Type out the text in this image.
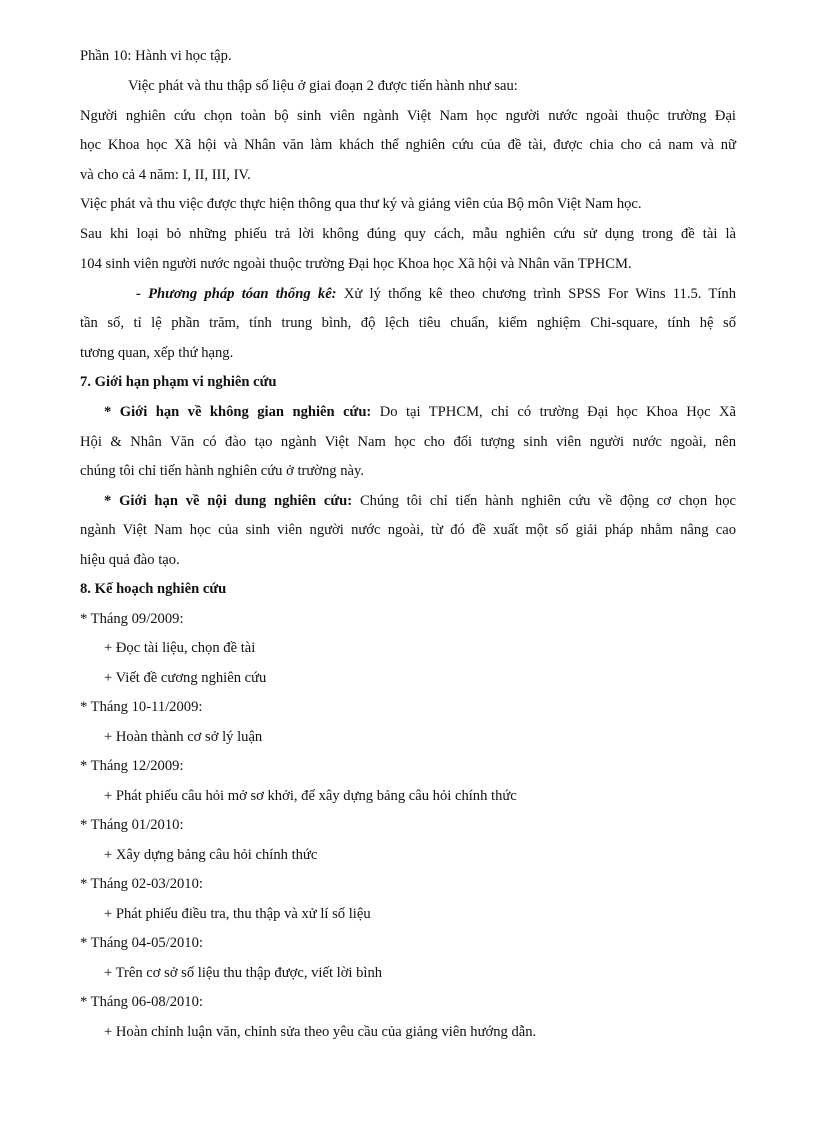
Phần 10: Hành vi học tập.
Việc phát và thu thập số liệu ở giai đoạn 2 được tiến hành như sau:
Người nghiên cứu chọn toàn bộ sinh viên ngành Việt Nam học người nước ngoài thuộc trường Đại
học Khoa học Xã hội và Nhân văn làm khách thể nghiên cứu của đề tài, được chia cho cả nam và nữ
và cho cả 4 năm: I, II, III, IV.
Việc phát và thu việc được thực hiện thông qua thư ký và giảng viên của Bộ môn Việt Nam học.
Sau khi loại bỏ những phiếu trả lời không đúng quy cách, mẫu nghiên cứu sử dụng trong đề tài là
104 sinh viên người nước ngoài thuộc trường Đại học Khoa học Xã hội và Nhân văn TPHCM.
- Phương pháp tóan thống kê: Xử lý thống kê theo chương trình SPSS For Wins 11.5. Tính
tần số, tỉ lệ phần trăm, tính trung bình, độ lệch tiêu chuẩn, kiểm nghiệm Chi-square, tính hệ số
tương quan, xếp thứ hạng.
7. Giới hạn phạm vi nghiên cứu
* Giới hạn về không gian nghiên cứu: Do tại TPHCM, chỉ có trường Đại học Khoa Học Xã
Hội & Nhân Văn có đào tạo ngành Việt Nam học cho đối tượng sinh viên người nước ngoài, nên
chúng tôi chỉ tiến hành nghiên cứu ở trường này.
* Giới hạn về nội dung nghiên cứu: Chúng tôi chỉ tiến hành nghiên cứu về động cơ chọn học
ngành Việt Nam học của sinh viên người nước ngoài, từ đó đề xuất một số giải pháp nhằm nâng cao
hiệu quả đào tạo.
8. Kế hoạch nghiên cứu
* Tháng 09/2009:
+ Đọc tài liệu, chọn đề tài
+ Viết đề cương nghiên cứu
* Tháng 10-11/2009:
+ Hoàn thành cơ sở lý luận
* Tháng 12/2009:
+ Phát phiếu câu hỏi mở sơ khởi, để xây dựng bảng câu hỏi chính thức
* Tháng 01/2010:
+ Xây dựng bảng câu hỏi chính thức
* Tháng 02-03/2010:
+ Phát phiếu điều tra, thu thập và xử lí số liệu
* Tháng 04-05/2010:
+ Trên cơ sở số liệu thu thập được, viết lời bình
* Tháng 06-08/2010:
+ Hoàn chỉnh luận văn, chỉnh sửa theo yêu cầu của giảng viên hướng dẫn.
